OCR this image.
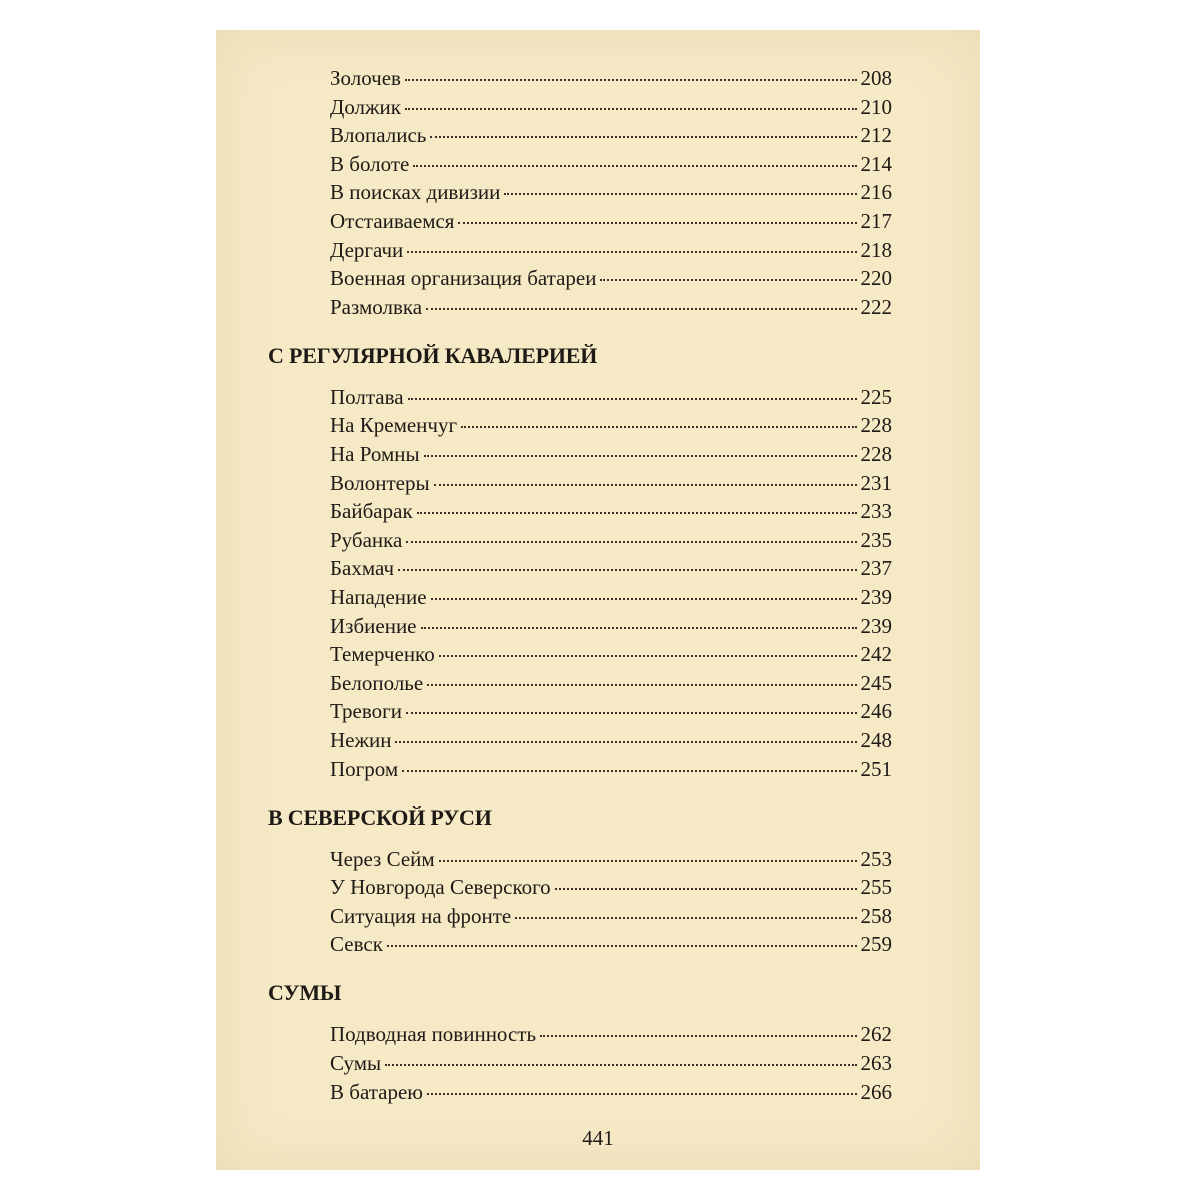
Золочев	208
Должик	210
Влопались	212
В болоте	214
В поисках дивизии	216
Отстаиваемся	217
Дергачи	218
Военная организация батареи	220
Размолвка	222
С РЕГУЛЯРНОЙ КАВАЛЕРИЕЙ
Полтава	225
На Кременчуг	228
На Ромны	228
Волонтеры	231
Байбарак	233
Рубанка	235
Бахмач	237
Нападение	239
Избиение	239
Темерченко	242
Белополье	245
Тревоги	246
Нежин	248
Погром	251
В СЕВЕРСКОЙ РУСИ
Через Сейм	253
У Новгорода Северского	255
Ситуация на фронте	258
Севск	259
СУМЫ
Подводная повинность	262
Сумы	263
В батарею	266
441
